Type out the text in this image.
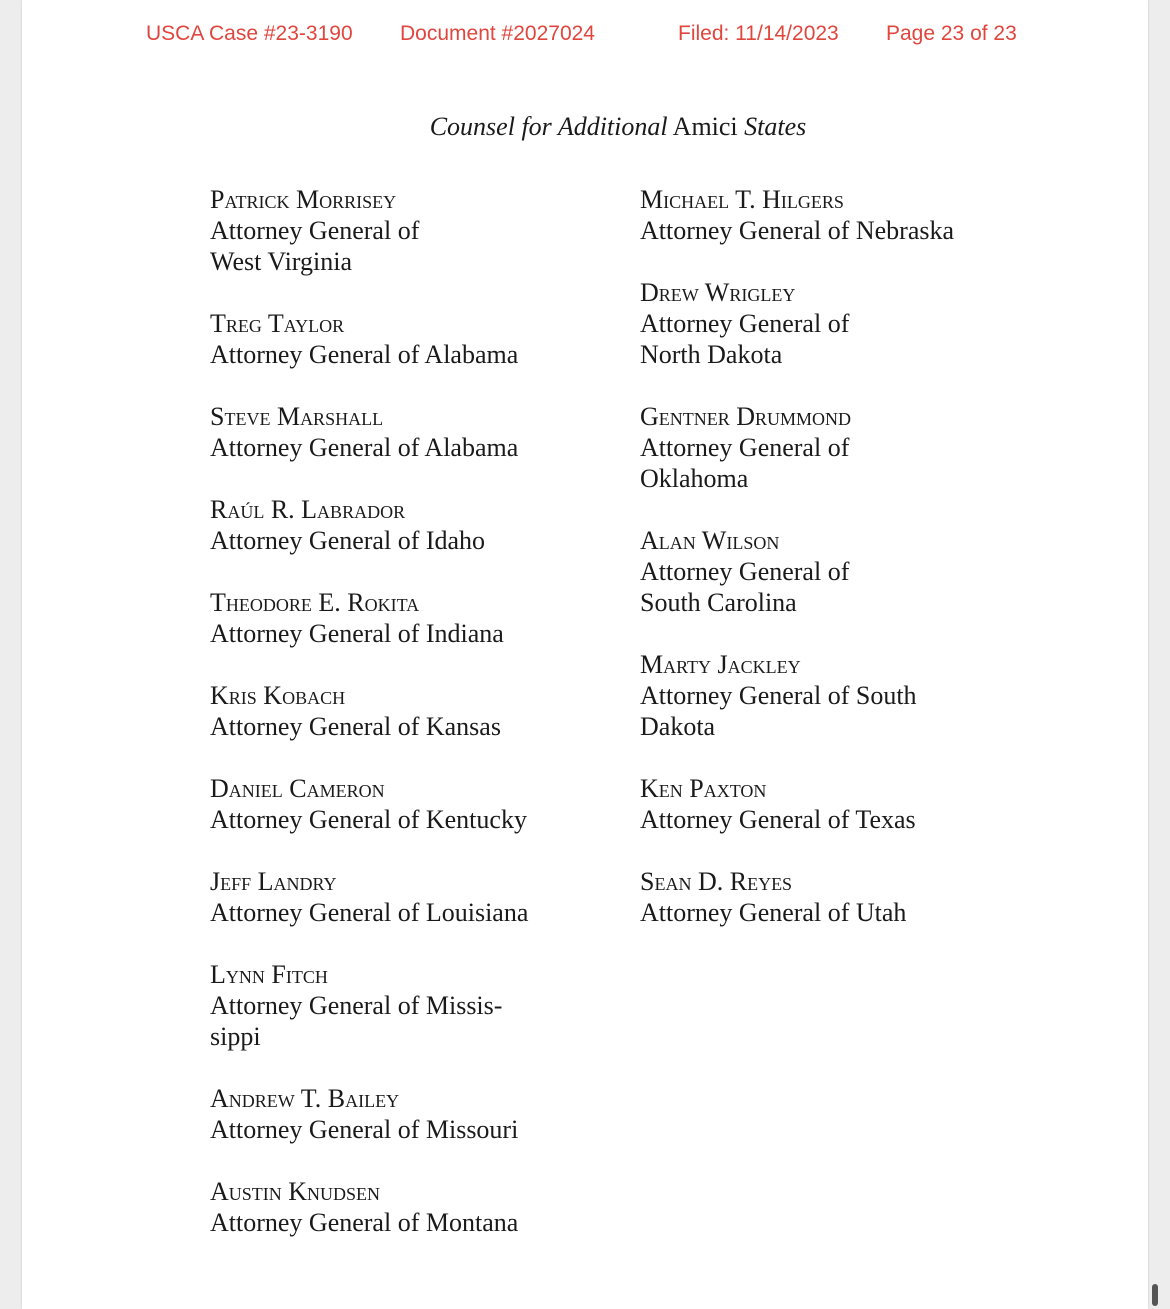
USCA Case #23-3190 Document #2027024	Filed: 11/14/2023 Page 23 of 23
Counsel for Additional Amici States
Patrick Morrisey
Attorney General of
West Virginia
Treg Taylor
Attorney General of Alabama
Steve Marshall
Attorney General of Alabama
Raúl R. Labrador
Attorney General of Idaho
Theodore E. Rokita
Attorney General of Indiana
Kris Kobach
Attorney General of Kansas
Daniel Cameron
Attorney General of Kentucky
Jeff Landry
Attorney General of Louisiana
Lynn Fitch
Attorney General of Missis-
sippi
Andrew T. Bailey
Attorney General of Missouri
Austin Knudsen
Attorney General of Montana
Michael T. Hilgers
Attorney General of Nebraska
Drew Wrigley
Attorney General of
North Dakota
Gentner Drummond
Attorney General of
Oklahoma
Alan Wilson
Attorney General of
South Carolina
Marty Jackley
Attorney General of South
Dakota
Ken Paxton
Attorney General of Texas
Sean D. Reyes
Attorney General of Utah
